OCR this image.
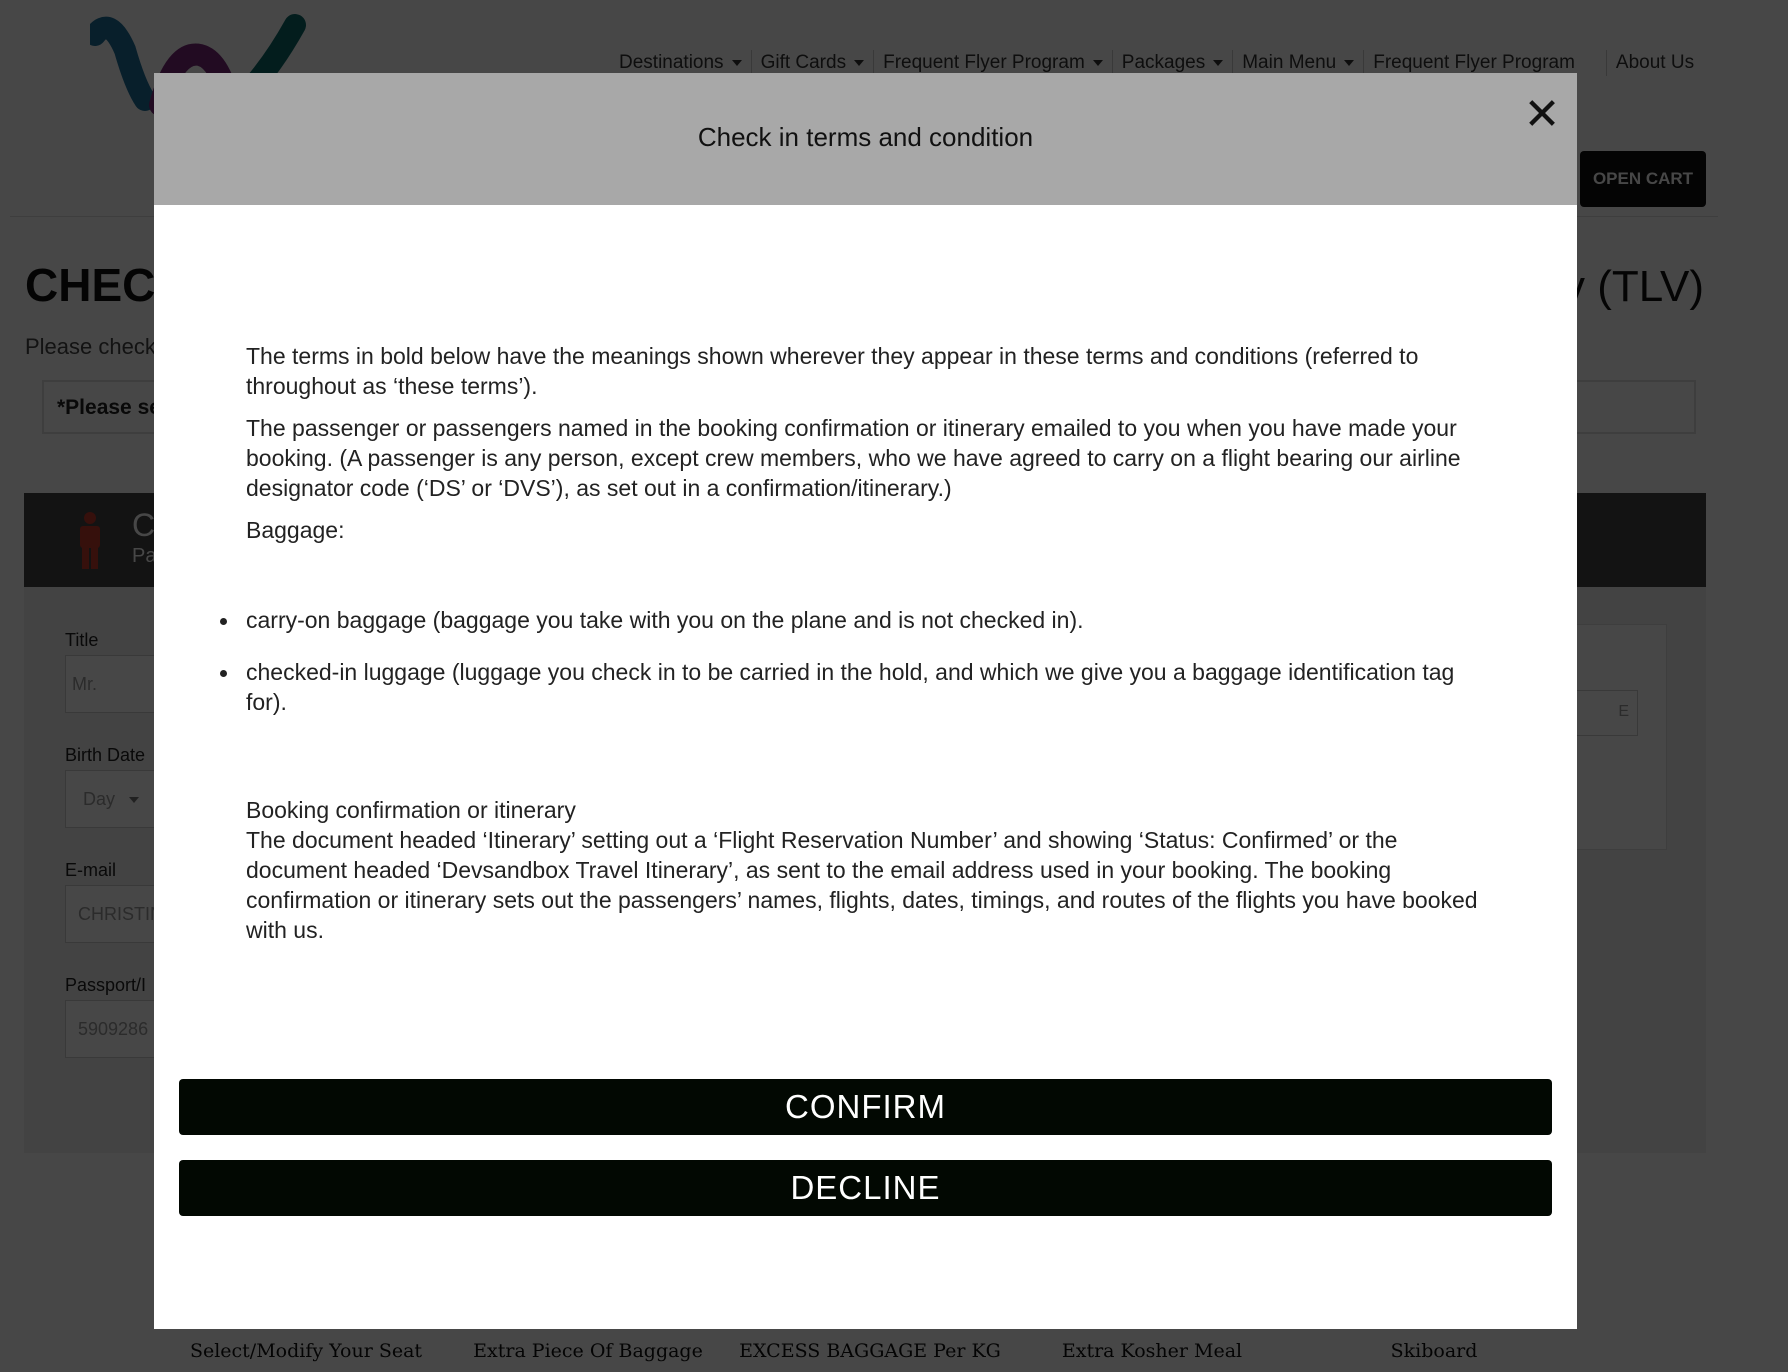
Check in terms and condition	✕

The terms in bold below have the meanings shown wherever they appear in these terms and conditions (referred to throughout as ‘these terms’).

The passenger or passengers named in the booking confirmation or itinerary emailed to you when you have made your booking. (A passenger is any person, except crew members, who we have agreed to carry on a flight bearing our airline designator code (‘DS’ or ‘DVS’), as set out in a confirmation/itinerary.)

Baggage:

carry-on baggage (baggage you take with you on the plane and is not checked in).
checked-in luggage (luggage you check in to be carried in the hold, and which we give you a baggage identification tag for).
Booking confirmation or itinerary
The document headed ‘Itinerary’ setting out a ‘Flight Reservation Number’ and showing ‘Status: Confirmed’ or the document headed ‘Devsandbox Travel Itinerary’, as sent to the email address used in your booking. The booking confirmation or itinerary sets out the passengers’ names, flights, dates, timings, and routes of the flights you have booked with us.
CONFIRM
DECLINE
